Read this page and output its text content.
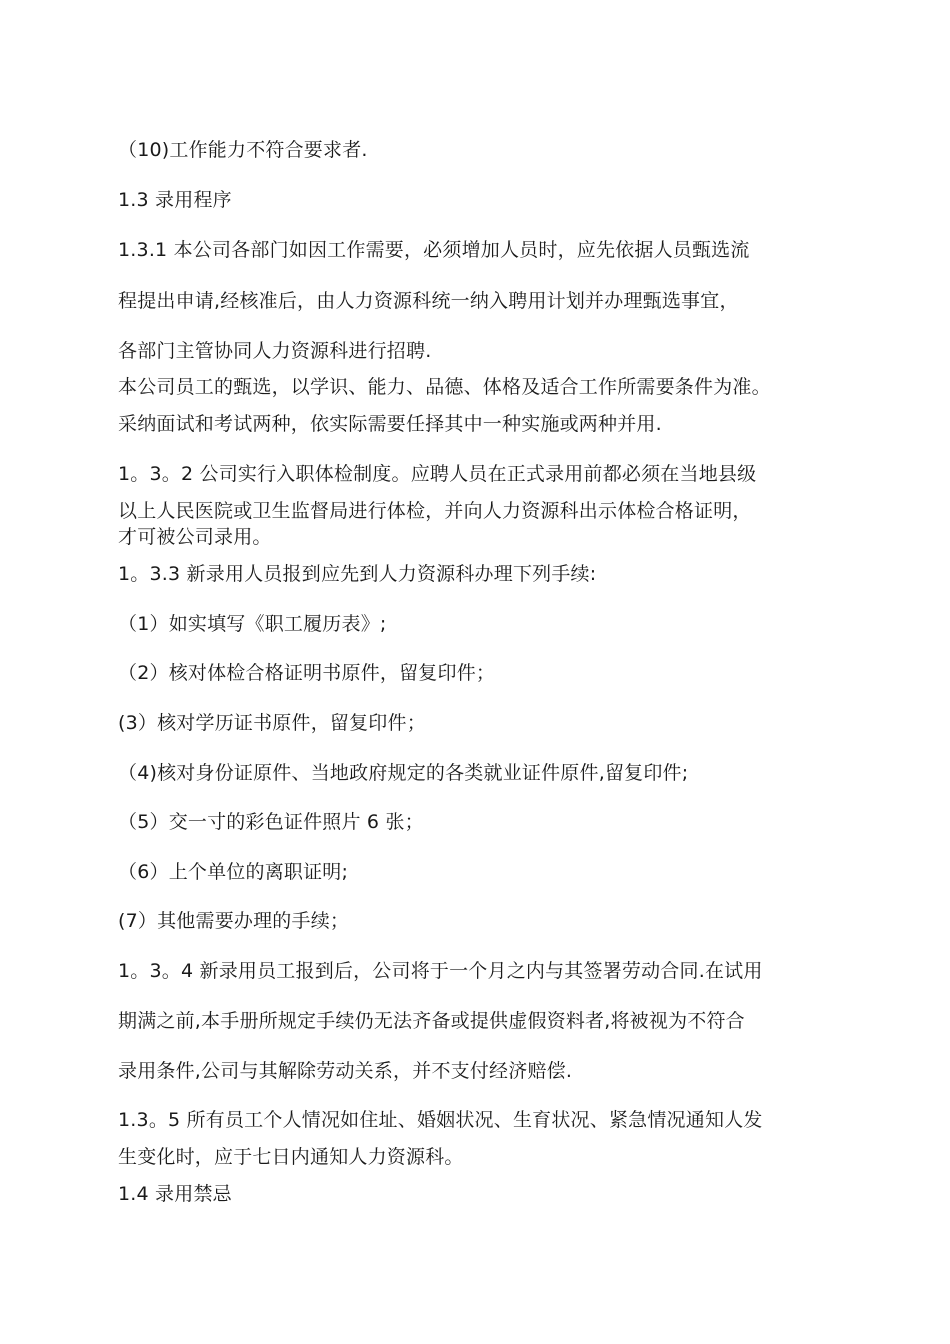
（10)工作能力不符合要求者.
1.3 录用程序
1.3.1 本公司各部门如因工作需要，必须增加人员时，应先依据人员甄选流
程提出申请,经核准后，由人力资源科统一纳入聘用计划并办理甄选事宜，
各部门主管协同人力资源科进行招聘.
本公司员工的甄选，以学识、能力、品德、体格及适合工作所需要条件为准。
采纳面试和考试两种，依实际需要任择其中一种实施或两种并用.
1。3。2 公司实行入职体检制度。应聘人员在正式录用前都必须在当地县级
以上人民医院或卫生监督局进行体检，并向人力资源科出示体检合格证明，
才可被公司录用。
1。3.3 新录用人员报到应先到人力资源科办理下列手续:
（1）如实填写《职工履历表》;
（2）核对体检合格证明书原件，留复印件；
(3）核对学历证书原件，留复印件；
（4)核对身份证原件、当地政府规定的各类就业证件原件,留复印件;
（5）交一寸的彩色证件照片 6 张；
（6）上个单位的离职证明;
(7）其他需要办理的手续；
1。3。4 新录用员工报到后，公司将于一个月之内与其签署劳动合同.在试用
期满之前,本手册所规定手续仍无法齐备或提供虚假资料者,将被视为不符合
录用条件,公司与其解除劳动关系，并不支付经济赔偿.
1.3。5 所有员工个人情况如住址、婚姻状况、生育状况、紧急情况通知人发
生变化时，应于七日内通知人力资源科。
1.4 录用禁忌
